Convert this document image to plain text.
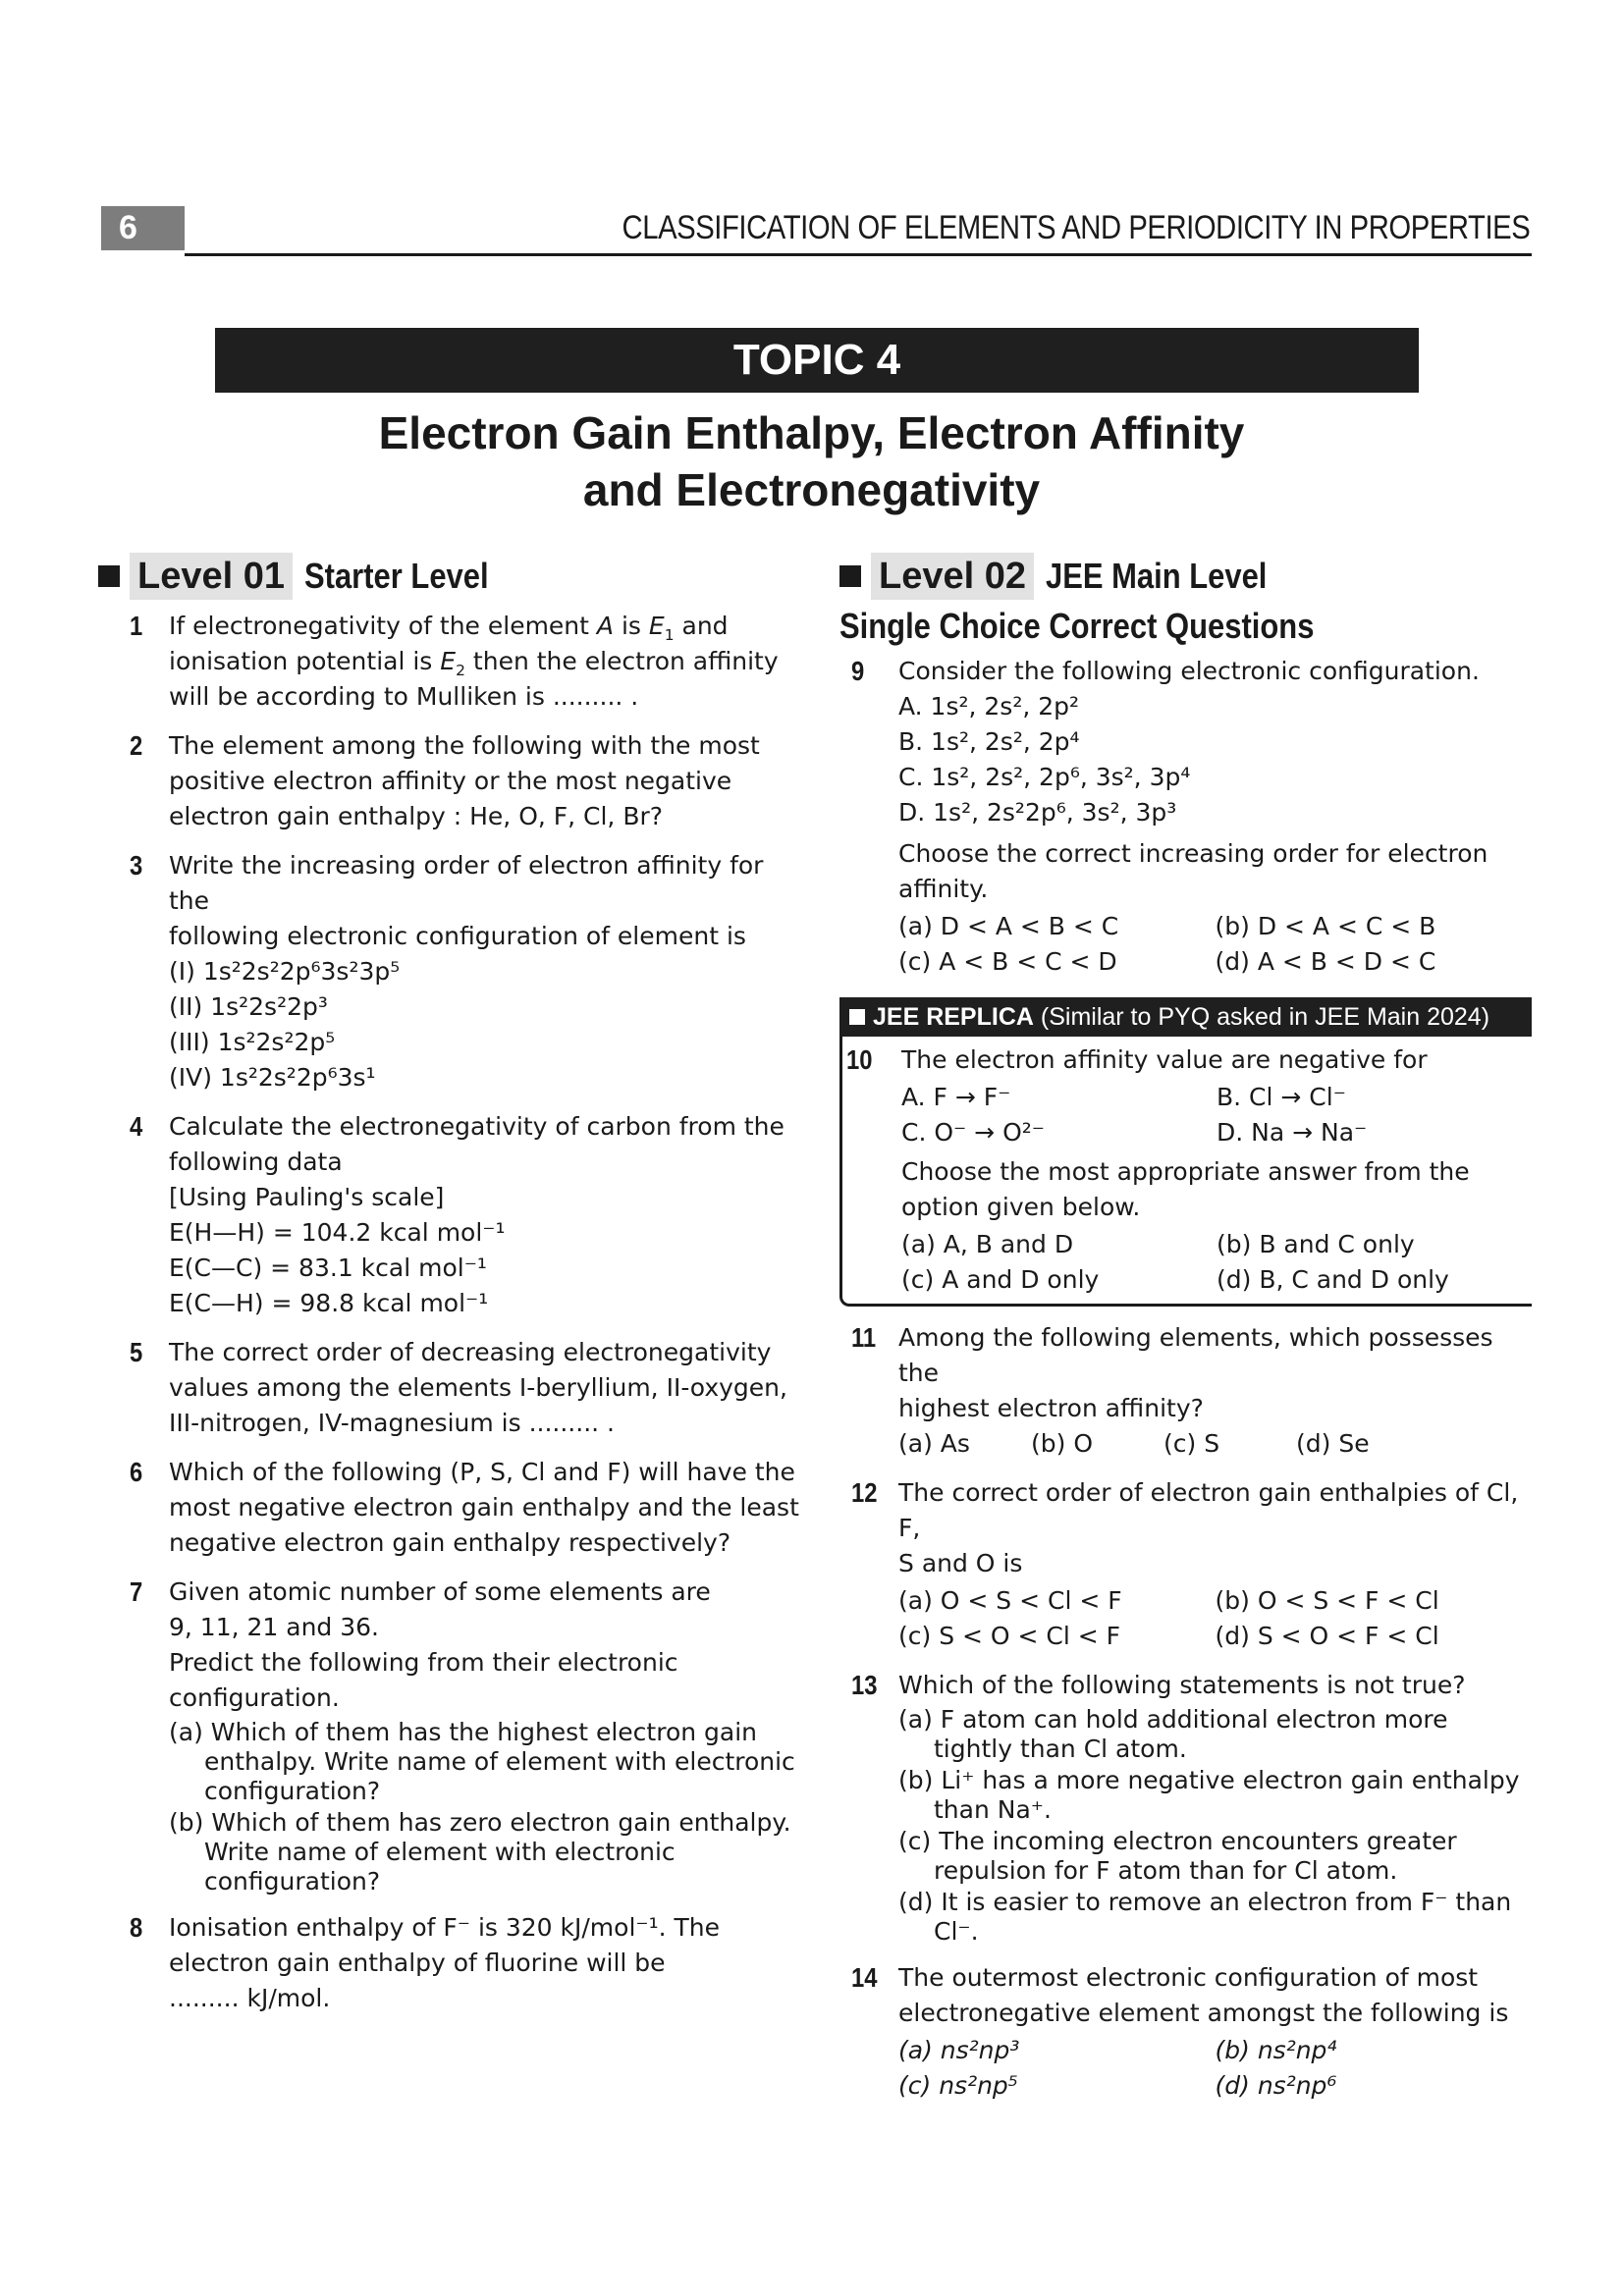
6	CLASSIFICATION OF ELEMENTS AND PERIODICITY IN PROPERTIES
TOPIC 4
Electron Gain Enthalpy, Electron Affinity
and Electronegativity
Level 01 Starter Level
1 If electronegativity of the element A is $E_1$ and
ionisation potential is $E_2$ then the electron affinity
will be according to Mulliken is ......... .
2 The element among the following with the most
positive electron affinity or the most negative
electron gain enthalpy : He, O, F, Cl, Br?
3 Write the increasing order of electron affinity for the
following electronic configuration of element is
(I) 1s²2s²2p⁶3s²3p⁵
(II) 1s²2s²2p³
(III) 1s²2s²2p⁵
(IV) 1s²2s²2p⁶3s¹
4 Calculate the electronegativity of carbon from the
following data
[Using Pauling's scale]
E(H—H) = 104.2 kcal mol⁻¹
E(C—C) = 83.1 kcal mol⁻¹
E(C—H) = 98.8 kcal mol⁻¹
5 The correct order of decreasing electronegativity
values among the elements I-beryllium, II-oxygen,
III-nitrogen, IV-magnesium is ......... .
6 Which of the following (P, S, Cl and F) will have the
most negative electron gain enthalpy and the least
negative electron gain enthalpy respectively?
7 Given atomic number of some elements are
9, 11, 21 and 36.
Predict the following from their electronic
configuration.
(a) Which of them has the highest electron gain enthalpy. Write name of element with electronic configuration?
(b) Which of them has zero electron gain enthalpy. Write name of element with electronic configuration?
8 Ionisation enthalpy of F⁻ is 320 kJ/mol⁻¹. The
electron gain enthalpy of fluorine will be
......... kJ/mol.
Level 02 JEE Main Level
Single Choice Correct Questions
9 Consider the following electronic configuration.
A. 1s², 2s², 2p²
B. 1s², 2s², 2p⁴
C. 1s², 2s², 2p⁶, 3s², 3p⁴
D. 1s², 2s²2p⁶, 3s², 3p³
Choose the correct increasing order for electron
affinity.
(a) D < A < B < C	(b) D < A < C < B
(c) A < B < C < D	(d) A < B < D < C
JEE REPLICA (Similar to PYQ asked in JEE Main 2024)
10 The electron affinity value are negative for
A. F → F⁻	B. Cl → Cl⁻
C. O⁻ → O²⁻	D. Na → Na⁻
Choose the most appropriate answer from the
option given below.
(a) A, B and D	(b) B and C only
(c) A and D only	(d) B, C and D only
11 Among the following elements, which possesses the
highest electron affinity?
(a) As	(b) O	(c) S	(d) Se
12 The correct order of electron gain enthalpies of Cl, F,
S and O is
(a) O < S < Cl < F	(b) O < S < F < Cl
(c) S < O < Cl < F	(d) S < O < F < Cl
13 Which of the following statements is not true?
(a) F atom can hold additional electron more tightly than Cl atom.
(b) Li⁺ has a more negative electron gain enthalpy than Na⁺.
(c) The incoming electron encounters greater repulsion for F atom than for Cl atom.
(d) It is easier to remove an electron from F⁻ than Cl⁻.
14 The outermost electronic configuration of most
electronegative element amongst the following is
(a) ns²np³	(b) ns²np⁴
(c) ns²np⁵	(d) ns²np⁶
